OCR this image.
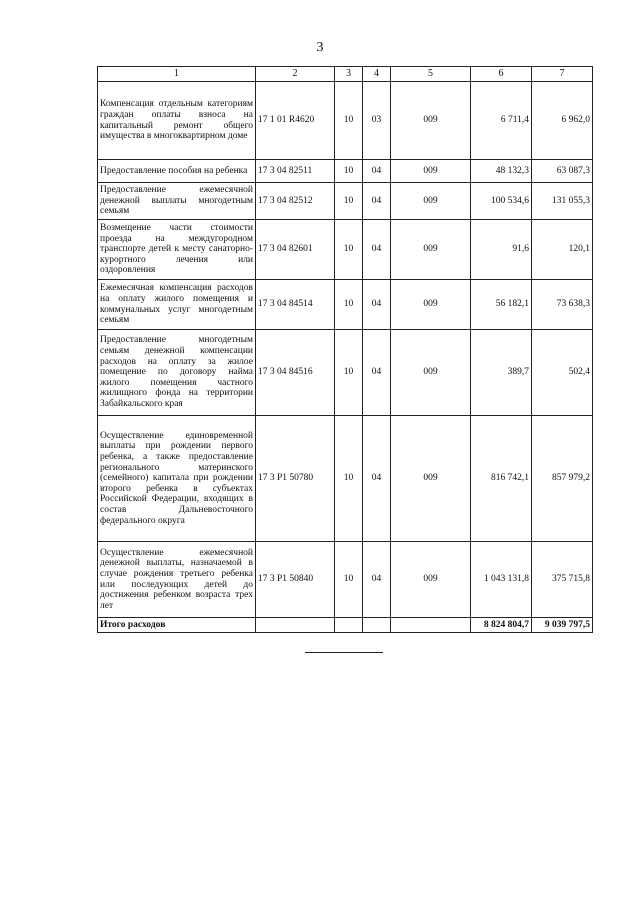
3
1	2	3	4	5	6	7
Компенсация отдельным категориям граждан оплаты взноса на капитальный ремонт общего имущества в многоквартирном доме	17 1 01 R4620	10	03	009	6 711,4	6 962,0
Предоставление пособия на ребенка	17 3 04 82511	10	04	009	48 132,3	63 087,3
Предоставление ежемесячной денежной выплаты многодетным семьям	17 3 04 82512	10	04	009	100 534,6	131 055,3
Возмещение части стоимости проезда на междугородном транспорте детей к месту санаторно-курортного лечения или оздоровления	17 3 04 82601	10	04	009	91,6	120,1
Ежемесячная компенсация расходов на оплату жилого помещения и коммунальных услуг многодетным семьям	17 3 04 84514	10	04	009	56 182,1	73 638,3
Предоставление многодетным семьям денежной компенсации расходов на оплату за жилое помещение по договору найма жилого помещения частного жилищного фонда на территории Забайкальского края	17 3 04 84516	10	04	009	389,7	502,4
Осуществление единовременной выплаты при рождении первого ребенка, а также предоставление регионального материнского (семейного) капитала при рождении второго ребенка в субъектах Российской Федерации, входящих в состав Дальневосточного федерального округа	17 3 P1 50780	10	04	009	816 742,1	857 979,2
Осуществление ежемесячной денежной выплаты, назначаемой в случае рождения третьего ребенка или последующих детей до достижения ребенком возраста трех лет	17 3 P1 50840	10	04	009	1 043 131,8	375 715,8
Итого расходов					8 824 804,7	9 039 797,5
